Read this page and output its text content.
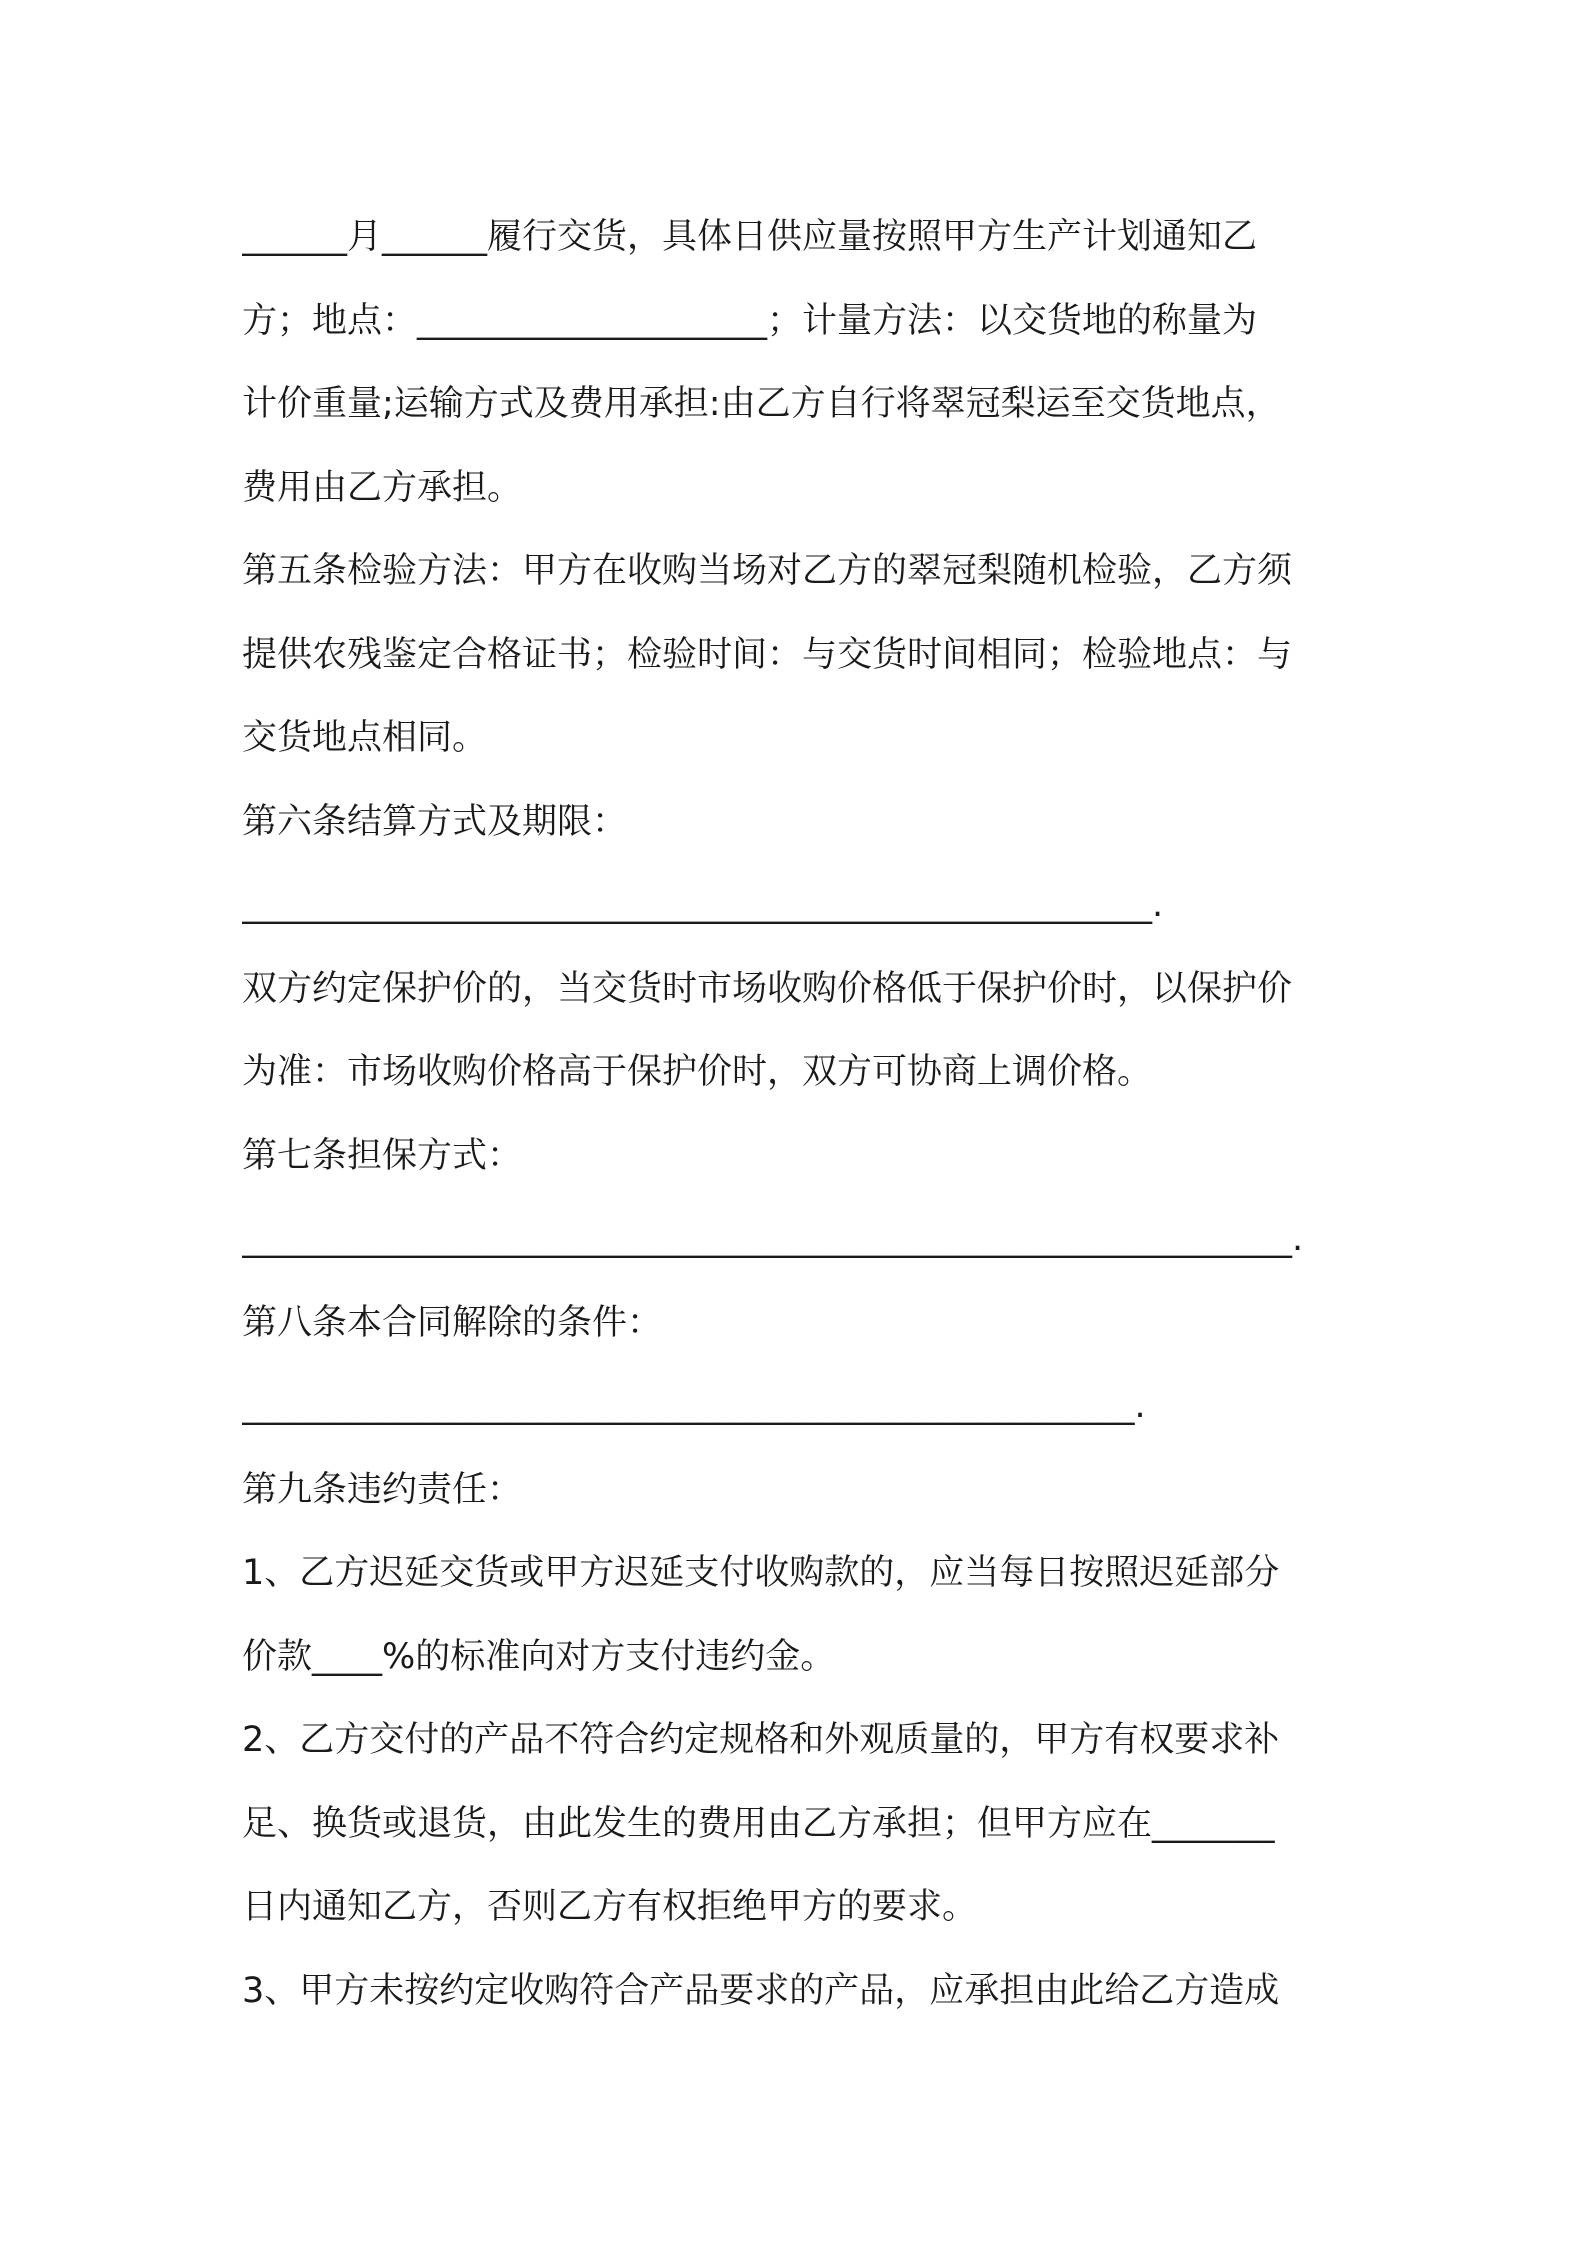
______月______履行交货，具体日供应量按照甲方生产计划通知乙
方；地点：____________________；计量方法：以交货地的称量为
计价重量;运输方式及费用承担:由乙方自行将翠冠梨运至交货地点，
费用由乙方承担。
第五条检验方法：甲方在收购当场对乙方的翠冠梨随机检验，乙方须
提供农残鉴定合格证书；检验时间：与交货时间相同；检验地点：与
交货地点相同。
第六条结算方式及期限：
____________________________________________________.
双方约定保护价的，当交货时市场收购价格低于保护价时，以保护价
为准：市场收购价格高于保护价时，双方可协商上调价格。
第七条担保方式：
____________________________________________________________.
第八条本合同解除的条件：
___________________________________________________.
第九条违约责任：
1、乙方迟延交货或甲方迟延支付收购款的，应当每日按照迟延部分
价款____%的标准向对方支付违约金。
2、乙方交付的产品不符合约定规格和外观质量的，甲方有权要求补
足、换货或退货，由此发生的费用由乙方承担；但甲方应在_______
日内通知乙方，否则乙方有权拒绝甲方的要求。
3、甲方未按约定收购符合产品要求的产品，应承担由此给乙方造成
